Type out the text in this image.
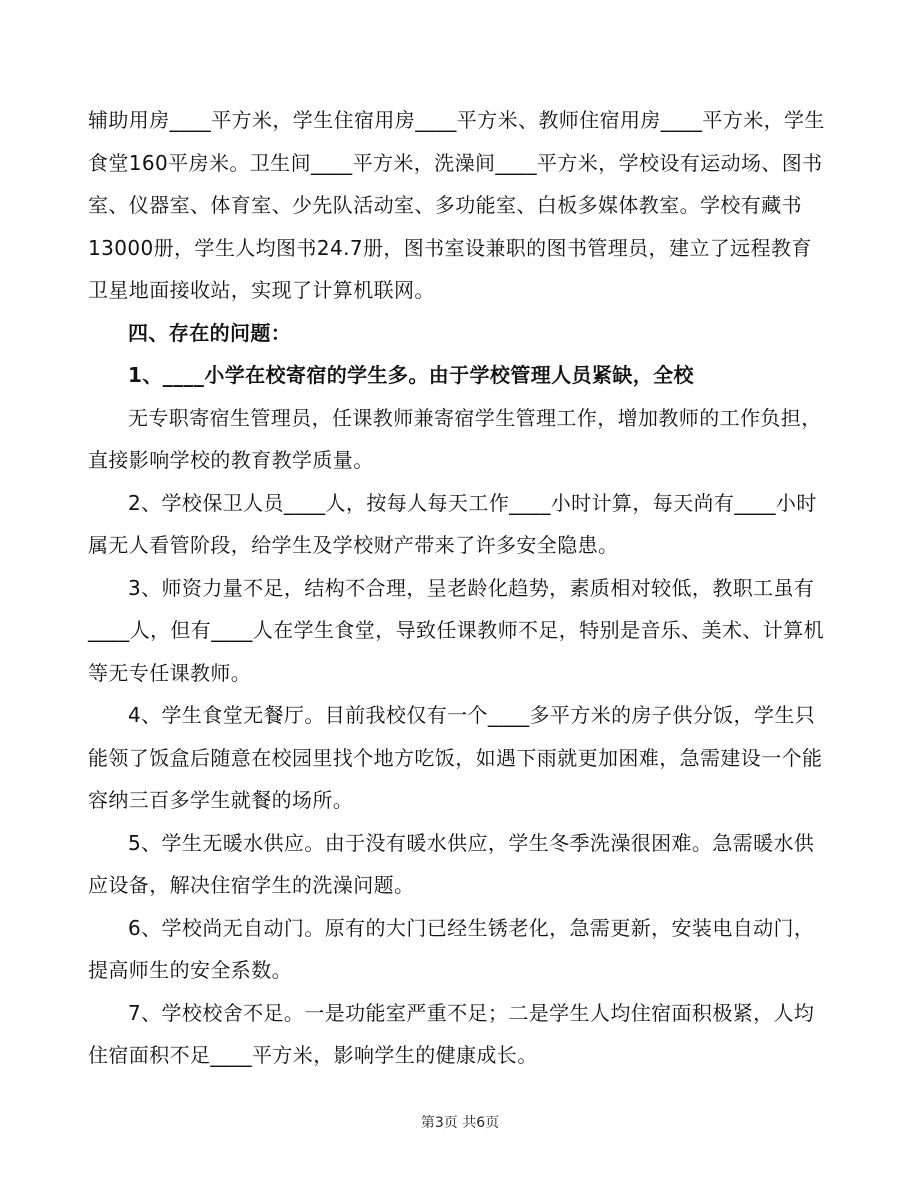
辅助用房____平方米，学生住宿用房____平方米、教师住宿用房____平方米，学生食堂160平房米。卫生间____平方米，洗澡间____平方米，学校设有运动场、图书室、仪器室、体育室、少先队活动室、多功能室、白板多媒体教室。学校有藏书13000册，学生人均图书24.7册，图书室设兼职的图书管理员，建立了远程教育卫星地面接收站，实现了计算机联网。

四、存在的问题：

1、____小学在校寄宿的学生多。由于学校管理人员紧缺，全校

无专职寄宿生管理员，任课教师兼寄宿学生管理工作，增加教师的工作负担，直接影响学校的教育教学质量。

2、学校保卫人员____人，按每人每天工作____小时计算，每天尚有____小时属无人看管阶段，给学生及学校财产带来了许多安全隐患。

3、师资力量不足，结构不合理，呈老龄化趋势，素质相对较低，教职工虽有____人，但有____人在学生食堂，导致任课教师不足，特别是音乐、美术、计算机等无专任课教师。

4、学生食堂无餐厅。目前我校仅有一个____多平方米的房子供分饭，学生只能领了饭盒后随意在校园里找个地方吃饭，如遇下雨就更加困难，急需建设一个能容纳三百多学生就餐的场所。

5、学生无暖水供应。由于没有暖水供应，学生冬季洗澡很困难。急需暖水供应设备，解决住宿学生的洗澡问题。

6、学校尚无自动门。原有的大门已经生锈老化，急需更新，安装电自动门，提高师生的安全系数。

7、学校校舍不足。一是功能室严重不足；二是学生人均住宿面积极紧，人均住宿面积不足____平方米，影响学生的健康成长。

第3页 共6页
